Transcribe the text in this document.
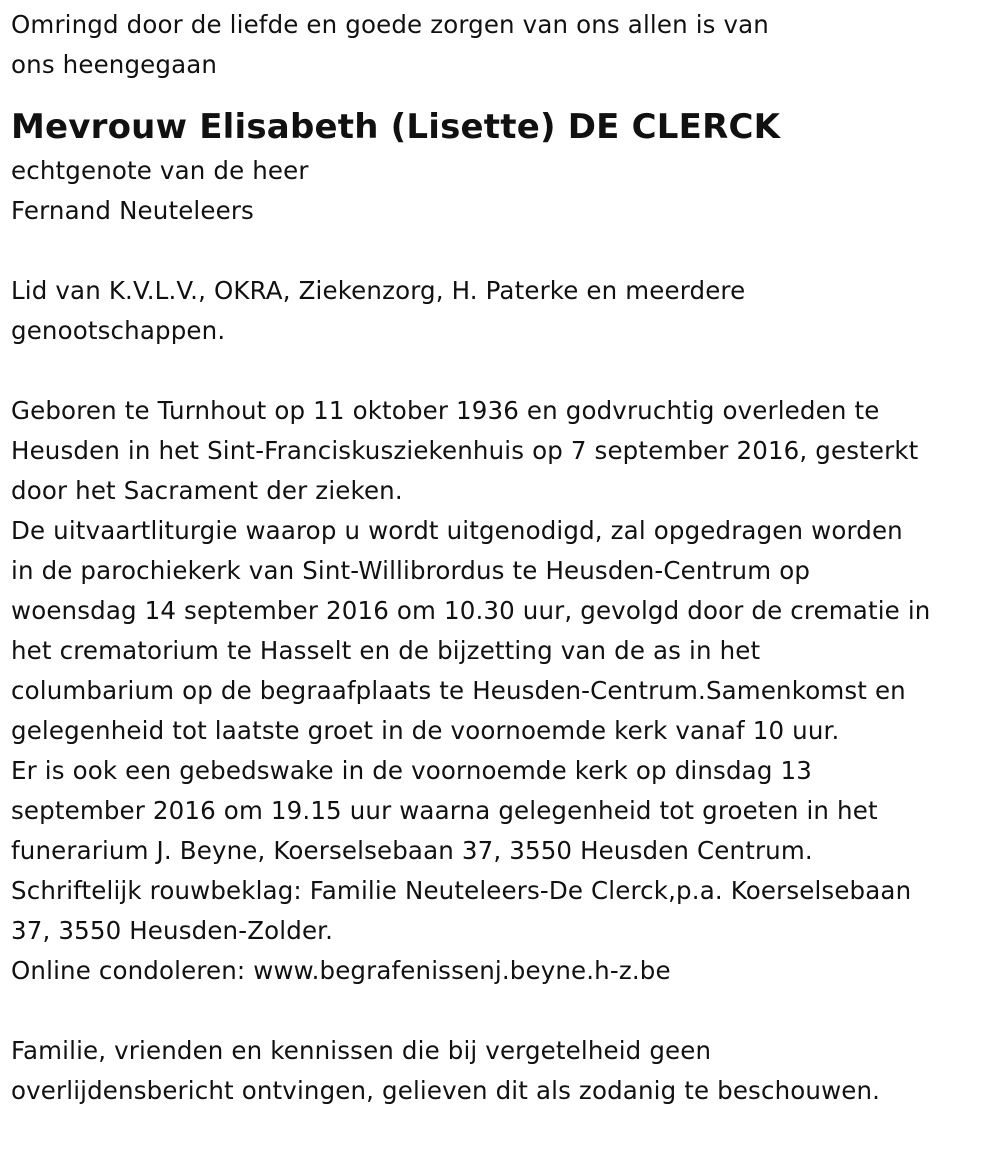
Omringd door de liefde en goede zorgen van ons allen is van
ons heengegaan
Mevrouw Elisabeth (Lisette) DE CLERCK
echtgenote van de heer
Fernand Neuteleers
Lid van K.V.L.V., OKRA, Ziekenzorg, H. Paterke en meerdere
genootschappen.
Geboren te Turnhout op 11 oktober 1936 en godvruchtig overleden te
Heusden in het Sint-Franciskusziekenhuis op 7 september 2016, gesterkt
door het Sacrament der zieken.
De uitvaartliturgie waarop u wordt uitgenodigd, zal opgedragen worden
in de parochiekerk van Sint-Willibrordus te Heusden-Centrum op
woensdag 14 september 2016 om 10.30 uur, gevolgd door de crematie in
het crematorium te Hasselt en de bijzetting van de as in het
columbarium op de begraafplaats te Heusden-Centrum.Samenkomst en
gelegenheid tot laatste groet in de voornoemde kerk vanaf 10 uur.
Er is ook een gebedswake in de voornoemde kerk op dinsdag 13
september 2016 om 19.15 uur waarna gelegenheid tot groeten in het
funerarium J. Beyne, Koerselsebaan 37, 3550 Heusden Centrum.
Schriftelijk rouwbeklag: Familie Neuteleers-De Clerck,p.a. Koerselsebaan
37, 3550 Heusden-Zolder.
Online condoleren: www.begrafenissenj.beyne.h-z.be
Familie, vrienden en kennissen die bij vergetelheid geen
overlijdensbericht ontvingen, gelieven dit als zodanig te beschouwen.
